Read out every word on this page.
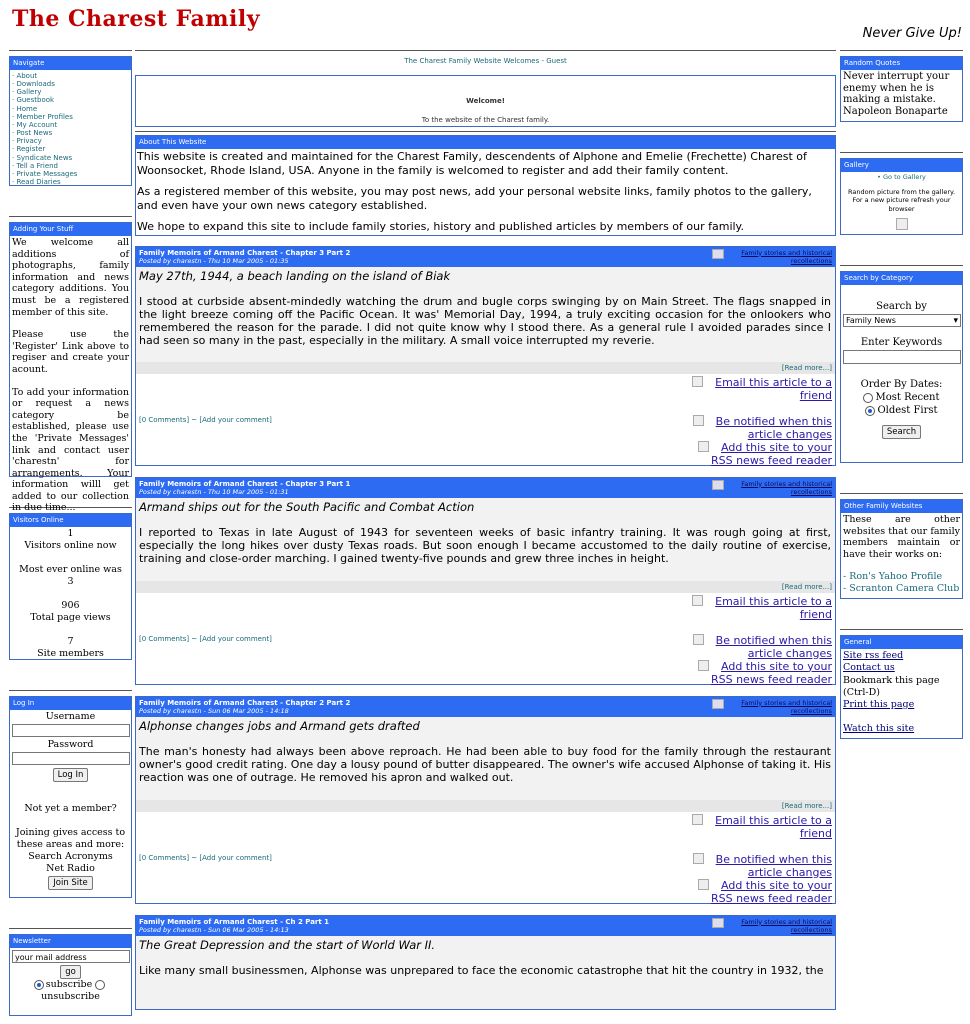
The Charest Family
Never Give Up!
Navigate
· About
· Downloads
· Gallery
· Guestbook
· Home
· Member Profiles
· My Account
· Post News
· Privacy
· Register
· Syndicate News
· Tell a Friend
· Private Messages
· Read Diaries
Adding Your Stuff
We welcome all additions of photographs, family information and news category additions. You must be a registered member of this site.
Please use the 'Register' Link above to regiser and create your acount.
To add your information or request a news category be established, please use the 'Private Messages' link and contact user 'charestn' for arrangements. Your information willl get added to our collection in due time...
Visitors Online
1
Visitors online now
Most ever online was
3
906
Total page views
7
Site members
Log In
Username
Password
Log In
Not yet a member?
Joining gives access to these areas and more:
Search Acronyms
Net Radio
Join Site
Newsletter
your mail address
go
subscribe
unsubscribe
The Charest Family Website Welcomes - Guest
Welcome!
To the website of the Charest family.
About This Website

This website is created and maintained for the Charest Family, descendents of Alphone and Emelie (Frechette) Charest of Woonsocket, Rhode Island, USA. Anyone in the family is welcomed to register and add their family content.

As a registered member of this website, you may post news, add your personal website links, family photos to the gallery, and even have your own news category established.

We hope to expand this site to include family stories, history and published articles by members of our family.

Family Memoirs of Armand Charest - Chapter 3 Part 2
Posted by charestn - Thu 10 Mar 2005 - 01:35
Family stories and historical recollections
May 27th, 1944, a beach landing on the island of Biak
I stood at curbside absent-mindedly watching the drum and bugle corps swinging by on Main Street. The flags snapped in the light breeze coming off the Pacific Ocean. It was' Memorial Day, 1994, a truly exciting occasion for the onlookers who remembered the reason for the parade. I did not quite know why I stood there. As a general rule I avoided parades since I had seen so many in the past, especially in the military. A small voice interrupted my reverie.
[Read more...]
[0 Comments] ~ [Add your comment]
Email this article to a friend
Be notified when this article changes
Add this site to your RSS news feed reader
Family Memoirs of Armand Charest - Chapter 3 Part 1
Posted by charestn - Thu 10 Mar 2005 - 01:31
Family stories and historical recollections
Armand ships out for the South Pacific and Combat Action
I reported to Texas in late August of 1943 for seventeen weeks of basic infantry training. It was rough going at first, especially the long hikes over dusty Texas roads. But soon enough I became accustomed to the daily routine of exercise, training and close-order marching. I gained twenty-five pounds and grew three inches in height.
[Read more...]
[0 Comments] ~ [Add your comment]
Email this article to a friend
Be notified when this article changes
Add this site to your RSS news feed reader
Family Memoirs of Armand Charest - Chapter 2 Part 2
Posted by charestn - Sun 06 Mar 2005 - 14:18
Family stories and historical recollections
Alphonse changes jobs and Armand gets drafted
The man's honesty had always been above reproach. He had been able to buy food for the family through the restaurant owner's good credit rating. One day a lousy pound of butter disappeared. The owner's wife accused Alphonse of taking it. His reaction was one of outrage. He removed his apron and walked out.
[Read more...]
[0 Comments] ~ [Add your comment]
Email this article to a friend
Be notified when this article changes
Add this site to your RSS news feed reader
Family Memoirs of Armand Charest - Ch 2 Part 1
Posted by charestn - Sun 06 Mar 2005 - 14:13
Family stories and historical recollections
The Great Depression and the start of World War II.
Like many small businessmen, Alphonse was unprepared to face the economic catastrophe that hit the country in 1932, the
Random Quotes
Never interrupt your enemy when he is making a mistake. Napoleon Bonaparte
Gallery
• Go to Gallery
Random picture from the gallery. For a new picture refresh your browser
Search by Category
Search by
Family News ▾
Enter Keywords
Order By Dates:
Most Recent
Oldest First
Search
Other Family Websites
These are other websites that our family members maintain or have their works on:
- Ron's Yahoo Profile
- Scranton Camera Club
General
Site rss feed
Contact us
Bookmark this page (Ctrl-D)
Print this page
Watch this site
